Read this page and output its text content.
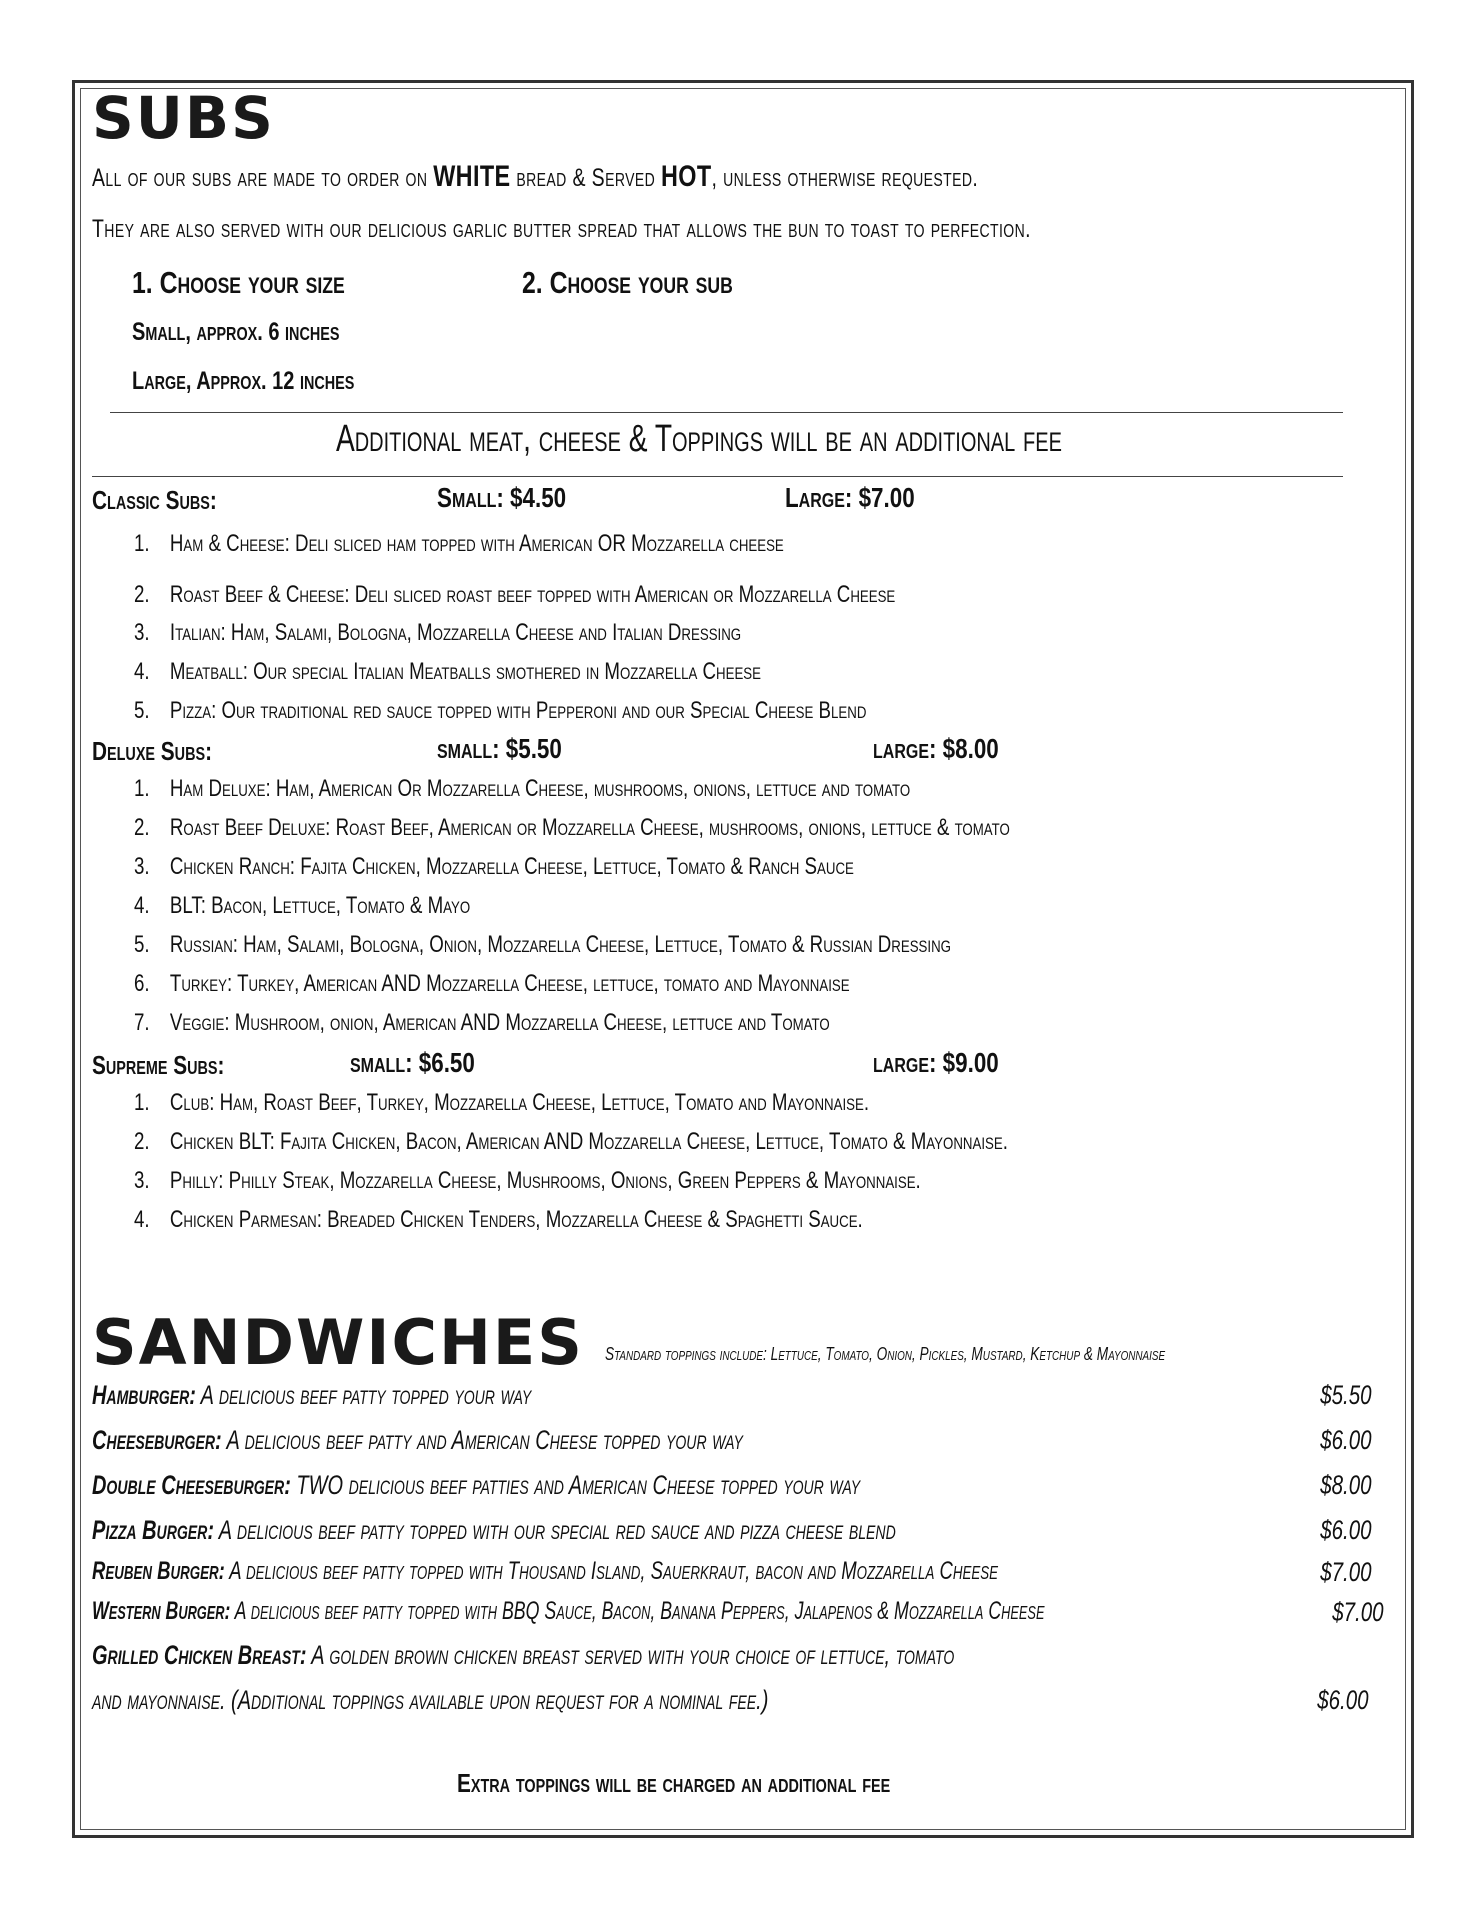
SUBS
All of our subs are made to order on WHITE bread & Served HOT, unless otherwise requested.
They are also served with our delicious garlic butter spread that allows the bun to toast to perfection.
1. Choose your size	2. Choose your sub
Small, approx. 6 inches
Large, Approx. 12 inches
Additional meat, cheese & Toppings will be an additional fee
Classic Subs:	Small: $4.50	Large: $7.00
1. Ham & Cheese: Deli sliced ham topped with American OR Mozzarella cheese
2. Roast Beef & Cheese: Deli sliced roast beef topped with American or Mozzarella Cheese
3. Italian: Ham, Salami, Bologna, Mozzarella Cheese and Italian Dressing
4. Meatball: Our special Italian Meatballs smothered in Mozzarella Cheese
5. Pizza: Our traditional red sauce topped with Pepperoni and our Special Cheese Blend
Deluxe Subs:	small: $5.50	large: $8.00
1. Ham Deluxe: Ham, American Or Mozzarella Cheese, mushrooms, onions, lettuce and tomato
2. Roast Beef Deluxe: Roast Beef, American or Mozzarella Cheese, mushrooms, onions, lettuce & tomato
3. Chicken Ranch: Fajita Chicken, Mozzarella Cheese, Lettuce, Tomato & Ranch Sauce
4. BLT: Bacon, Lettuce, Tomato & Mayo
5. Russian: Ham, Salami, Bologna, Onion, Mozzarella Cheese, Lettuce, Tomato & Russian Dressing
6. Turkey: Turkey, American AND Mozzarella Cheese, lettuce, tomato and Mayonnaise
7. Veggie: Mushroom, onion, American AND Mozzarella Cheese, lettuce and Tomato
Supreme Subs:	small: $6.50	large: $9.00
1. Club: Ham, Roast Beef, Turkey, Mozzarella Cheese, Lettuce, Tomato and Mayonnaise.
2. Chicken BLT: Fajita Chicken, Bacon, American AND Mozzarella Cheese, Lettuce, Tomato & Mayonnaise.
3. Philly: Philly Steak, Mozzarella Cheese, Mushrooms, Onions, Green Peppers & Mayonnaise.
4. Chicken Parmesan: Breaded Chicken Tenders, Mozzarella Cheese & Spaghetti Sauce.
SANDWICHES Standard toppings include: Lettuce, Tomato, Onion, Pickles, Mustard, Ketchup & Mayonnaise
Hamburger: A delicious beef patty topped your way	$5.50
Cheeseburger: A delicious beef patty and American Cheese topped your way	$6.00
Double Cheeseburger: TWO delicious beef patties and American Cheese topped your way	$8.00
Pizza Burger: A delicious beef patty topped with our special red sauce and pizza cheese blend	$6.00
Reuben Burger: A delicious beef patty topped with Thousand Island, Sauerkraut, bacon and Mozzarella Cheese	$7.00
Western Burger: A delicious beef patty topped with BBQ Sauce, Bacon, Banana Peppers, Jalapenos & Mozzarella Cheese	$7.00
Grilled Chicken Breast: A golden brown chicken breast served with your choice of lettuce, tomato
and mayonnaise. (Additional toppings available upon request for a nominal fee.)	$6.00
Extra toppings will be charged an additional fee
